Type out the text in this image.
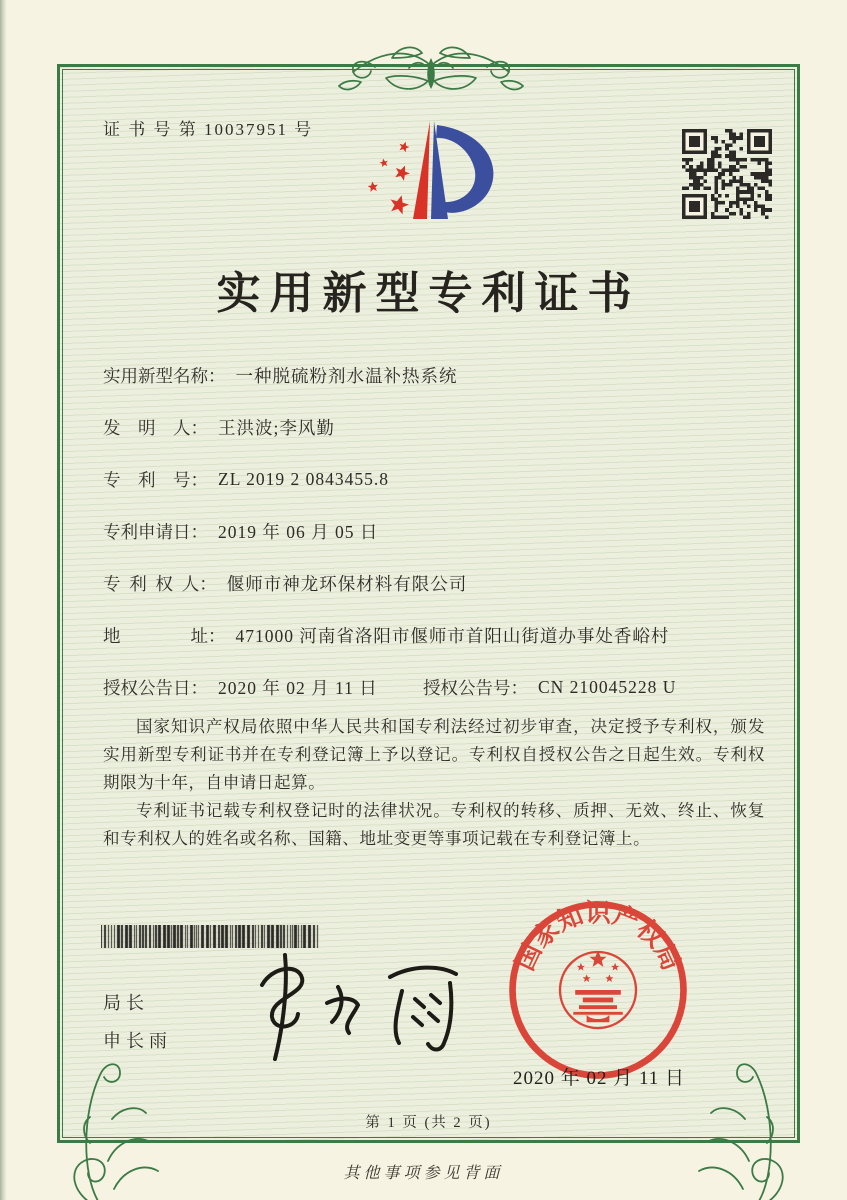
证 书 号 第 10037951 号
实用新型专利证书
实用新型名称： 一种脱硫粉剂水温补热系统
发　明　人： 王洪波;李风勤
专　利　号： ZL 2019 2 0843455.8
专利申请日： 2019 年 06 月 05 日
专 利 权 人： 偃师市神龙环保材料有限公司
地　　　　址： 471000 河南省洛阳市偃师市首阳山街道办事处香峪村
授权公告日： 2020 年 02 月 11 日	授权公告号： CN 210045228 U

国家知识产权局依照中华人民共和国专利法经过初步审查，决定授予专利权，颁发实用新型专利证书并在专利登记簿上予以登记。专利权自授权公告之日起生效。专利权期限为十年，自申请日起算。

专利证书记载专利权登记时的法律状况。专利权的转移、质押、无效、终止、恢复和专利权人的姓名或名称、国籍、地址变更等事项记载在专利登记簿上。

局长
申长雨
国家知识产权局
2020 年 02 月 11 日
第 1 页 (共 2 页)
其他事项参见背面
